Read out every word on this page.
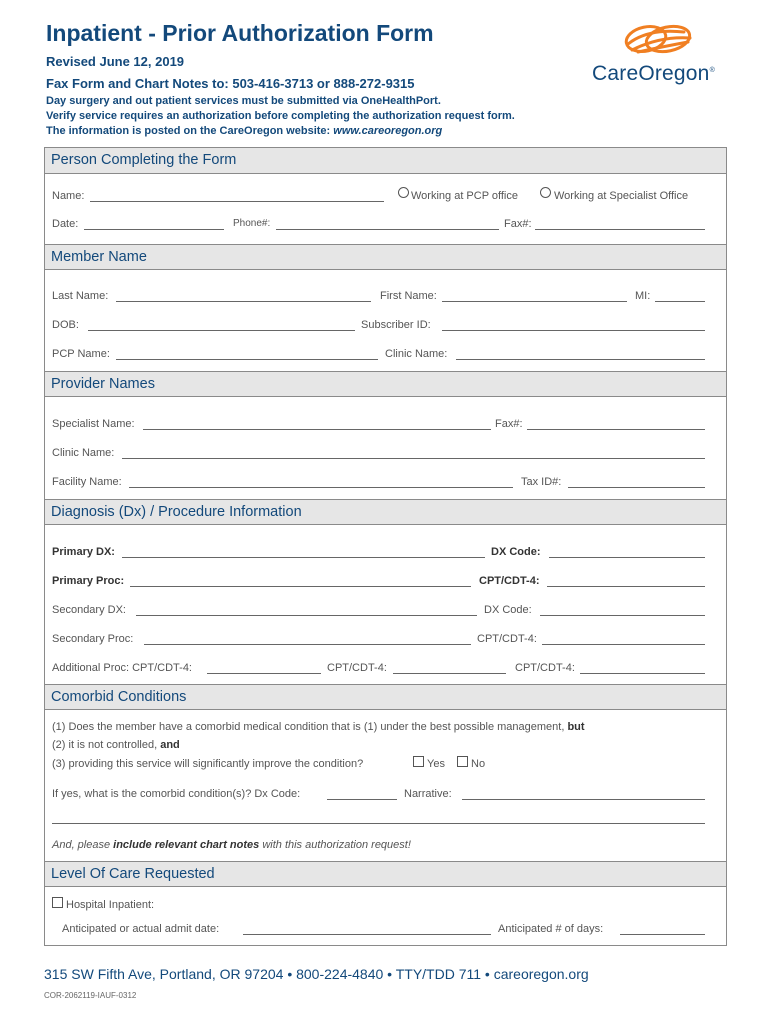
Inpatient - Prior Authorization Form
Revised June 12, 2019
Fax Form and Chart Notes to: 503-416-3713 or 888-272-9315
Day surgery and out patient services must be submitted via OneHealthPort.
Verify service requires an authorization before completing the authorization request form.
The information is posted on the CareOregon website: www.careoregon.org
CareOregon®
Person Completing the Form
Name:	Working at PCP office	Working at Specialist Office
Date:	Phone#:	Fax#:
Member Name
Last Name:	First Name:	MI:
DOB:	Subscriber ID:
PCP Name:	Clinic Name:
Provider Names
Specialist Name:	Fax#:
Clinic Name:
Facility Name:	Tax ID#:
Diagnosis (Dx) / Procedure Information
Primary DX:	DX Code:
Primary Proc:	CPT/CDT-4:
Secondary DX:	DX Code:
Secondary Proc:	CPT/CDT-4:
Additional Proc: CPT/CDT-4:	CPT/CDT-4:	CPT/CDT-4:
Comorbid Conditions
(1) Does the member have a comorbid medical condition that is (1) under the best possible management, but
(2) it is not controlled, and
(3) providing this service will significantly improve the condition?	Yes No
If yes, what is the comorbid condition(s)? Dx Code:	Narrative:
And, please include relevant chart notes with this authorization request!
Level Of Care Requested
Hospital Inpatient:
Anticipated or actual admit date:	Anticipated # of days:
315 SW Fifth Ave, Portland, OR 97204 • 800-224-4840 • TTY/TDD 711 • careoregon.org
COR-2062119-IAUF-0312
